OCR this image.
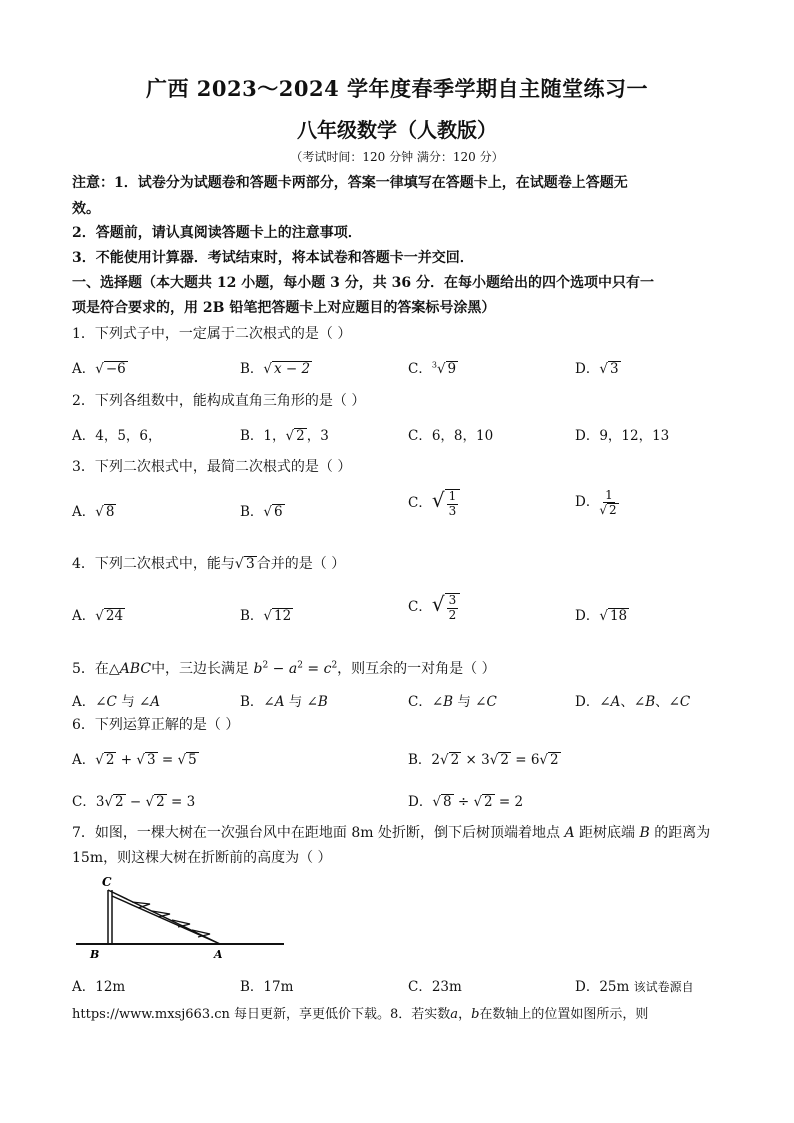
广西 2023～2024 学年度春季学期自主随堂练习一
八年级数学（人教版）
（考试时间：120 分钟 满分：120 分）
注意：1．试卷分为试题卷和答题卡两部分，答案一律填写在答题卡上，在试题卷上答题无
效。
2．答题前，请认真阅读答题卡上的注意事项．
3．不能使用计算器．考试结束时，将本试卷和答题卡一并交回．
一、选择题（本大题共 12 小题，每小题 3 分，共 36 分．在每小题给出的四个选项中只有一
项是符合要求的，用 2B 铅笔把答题卡上对应题目的答案标号涂黑）
1．下列式子中，一定属于二次根式的是（ ）
A．√ −6	B．√ x − 2	C．$^3$√ 9	D．√ 3
2．下列各组数中，能构成直角三角形的是（ ）
A．4，5，6，	B．1，√ 2 ，3	C．6，8，10	D．9，12，13
3．下列二次根式中，最简二次根式的是（ ）
A．√ 8	B．√ 6
C．√ $\frac{1}{3}$	D． $\frac{1}{√ 2}$
4．下列二次根式中，能与√ 3 合并的是（ ）
A．√ 24	B．√ 12
C．√ $\frac{3}{2}$	D．√ 18
5．在△ABC中，三边长满足 $b^2 - a^2 = c^2$，则互余的一对角是（ ）
A．∠C 与 ∠A	B．∠A 与 ∠B	C．∠B 与 ∠C	D．∠A、∠B、∠C
6．下列运算正解的是（ ）
A．√ 2 + √ 3 = √ 5	B．2√ 2 × 3√ 2 = 6√ 2
C．3√ 2 − √ 2 = 3	D．√ 8 ÷ √ 2 = 2
7．如图，一棵大树在一次强台风中在距地面 8m 处折断，倒下后树顶端着地点 A 距树底端 B 的距离为
15m，则这棵大树在折断前的高度为（ ）
C
B	A
A．12m	B．17m	C．23m	D．25m 该试卷源自
https://www.mxsj663.cn 每日更新，享更低价下载。8．若实数a，b在数轴上的位置如图所示，则
